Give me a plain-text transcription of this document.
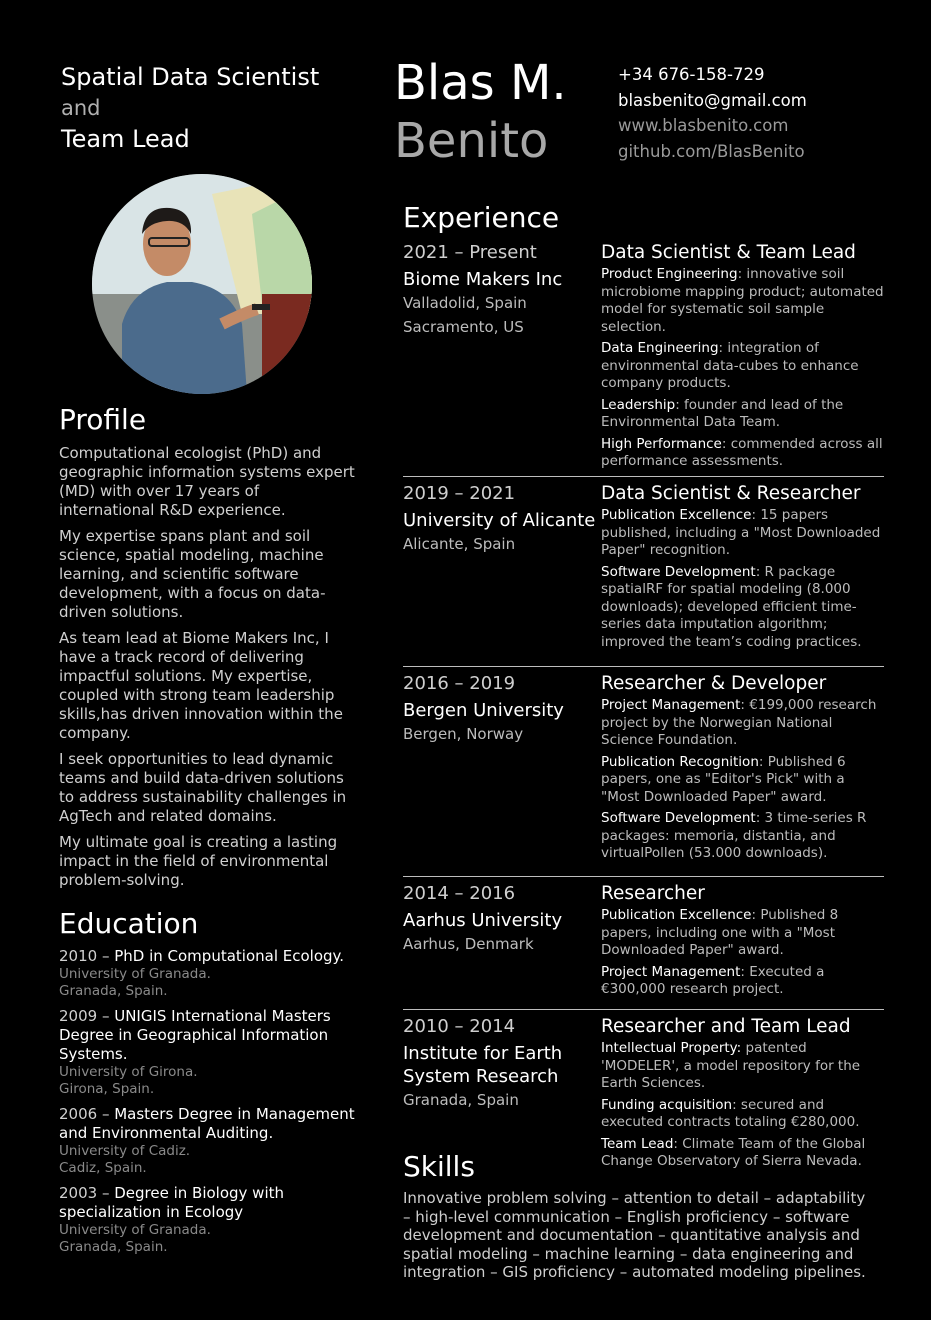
Spatial Data Scientist
and
Team Lead
Profile

Computational ecologist (PhD) and geographic information systems expert (MD) with over 17 years of international R&D experience.

My expertise spans plant and soil science, spatial modeling, machine learning, and scientific software development, with a focus on data-driven solutions.

As team lead at Biome Makers Inc, I have a track record of delivering impactful solutions. My expertise, coupled with strong team leadership skills,has driven innovation within the company.

I seek opportunities to lead dynamic teams and build data-driven solutions to address sustainability challenges in AgTech and related domains.

My ultimate goal is creating a lasting impact in the field of environmental problem-solving.

Education
2010 – PhD in Computational Ecology.
University of Granada.
Granada, Spain.
2009 – UNIGIS International Masters Degree in Geographical Information Systems.
University of Girona.
Girona, Spain.
2006 – Masters Degree in Management and Environmental Auditing.
University of Cadiz.
Cadiz, Spain.
2003 – Degree in Biology with specialization in Ecology
University of Granada.
Granada, Spain.
Blas M.
Benito
+34 676-158-729
blasbenito@gmail.com
www.blasbenito.com
github.com/BlasBenito
Experience
2021 – Present
Biome Makers Inc
Valladolid, Spain
Sacramento, US
Data Scientist & Team Lead
Product Engineering: innovative soil microbiome mapping product; automated model for systematic soil sample selection.
Data Engineering: integration of environmental data-cubes to enhance company products.
Leadership: founder and lead of the Environmental Data Team.
High Performance: commended across all performance assessments.
2019 – 2021
University of Alicante
Alicante, Spain
Data Scientist & Researcher
Publication Excellence: 15 papers published, including a "Most Downloaded Paper" recognition.
Software Development: R package spatialRF for spatial modeling (8.000 downloads); developed efficient time-series data imputation algorithm; improved the team’s coding practices.
2016 – 2019
Bergen University
Bergen, Norway
Researcher & Developer
Project Management: €199,000 research project by the Norwegian National Science Foundation.
Publication Recognition: Published 6 papers, one as "Editor's Pick" with a "Most Downloaded Paper" award.
Software Development: 3 time-series R packages: memoria, distantia, and virtualPollen (53.000 downloads).
2014 – 2016
Aarhus University
Aarhus, Denmark
Researcher
Publication Excellence: Published 8 papers, including one with a "Most Downloaded Paper" award.
Project Management: Executed a €300,000 research project.
2010 – 2014
Institute for Earth System Research
Granada, Spain
Researcher and Team Lead
Intellectual Property: patented 'MODELER', a model repository for the Earth Sciences.
Funding acquisition: secured and executed contracts totaling €280,000.
Team Lead: Climate Team of the Global Change Observatory of Sierra Nevada.
Skills
Innovative problem solving – attention to detail – adaptability – high-level communication – English proficiency – software development and documentation – quantitative analysis and spatial modeling – machine learning – data engineering and integration – GIS proficiency – automated modeling pipelines.
